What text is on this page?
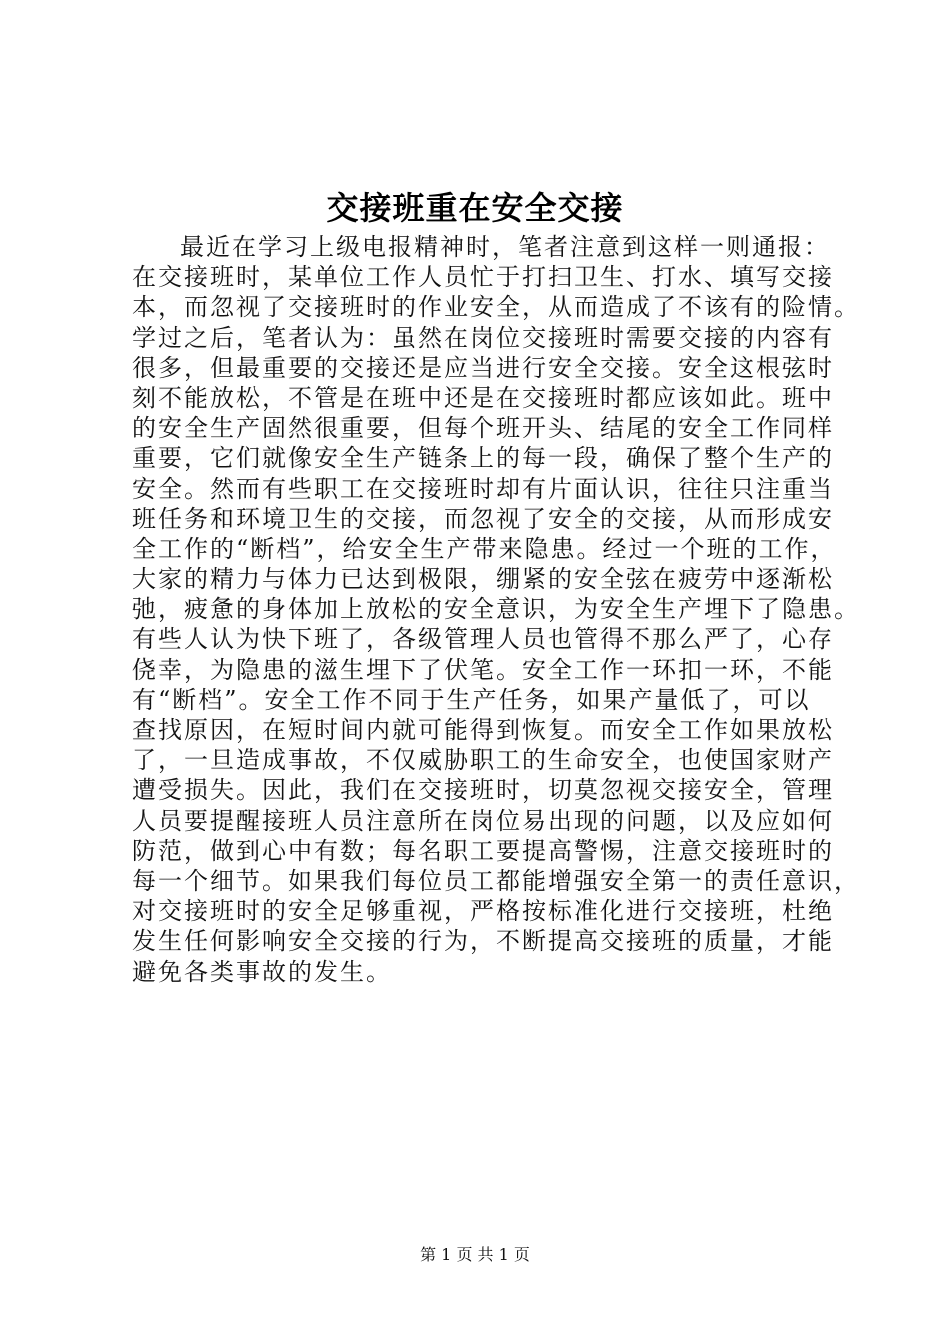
交接班重在安全交接
最近在学习上级电报精神时，笔者注意到这样一则通报：
在交接班时，某单位工作人员忙于打扫卫生、打水、填写交接
本，而忽视了交接班时的作业安全，从而造成了不该有的险情。
学过之后，笔者认为：虽然在岗位交接班时需要交接的内容有
很多，但最重要的交接还是应当进行安全交接。安全这根弦时
刻不能放松，不管是在班中还是在交接班时都应该如此。班中
的安全生产固然很重要，但每个班开头、结尾的安全工作同样
重要，它们就像安全生产链条上的每一段，确保了整个生产的
安全。然而有些职工在交接班时却有片面认识，往往只注重当
班任务和环境卫生的交接，而忽视了安全的交接，从而形成安
全工作的“断档”，给安全生产带来隐患。经过一个班的工作，
大家的精力与体力已达到极限，绷紧的安全弦在疲劳中逐渐松
弛，疲惫的身体加上放松的安全意识，为安全生产埋下了隐患。
有些人认为快下班了，各级管理人员也管得不那么严了，心存
侥幸，为隐患的滋生埋下了伏笔。安全工作一环扣一环，不能
有“断档”。安全工作不同于生产任务，如果产量低了，可以
查找原因，在短时间内就可能得到恢复。而安全工作如果放松
了，一旦造成事故，不仅威胁职工的生命安全，也使国家财产
遭受损失。因此，我们在交接班时，切莫忽视交接安全，管理
人员要提醒接班人员注意所在岗位易出现的问题，以及应如何
防范，做到心中有数；每名职工要提高警惕，注意交接班时的
每一个细节。如果我们每位员工都能增强安全第一的责任意识，
对交接班时的安全足够重视，严格按标准化进行交接班，杜绝
发生任何影响安全交接的行为，不断提高交接班的质量，才能
避免各类事故的发生。
第 1 页 共 1 页
